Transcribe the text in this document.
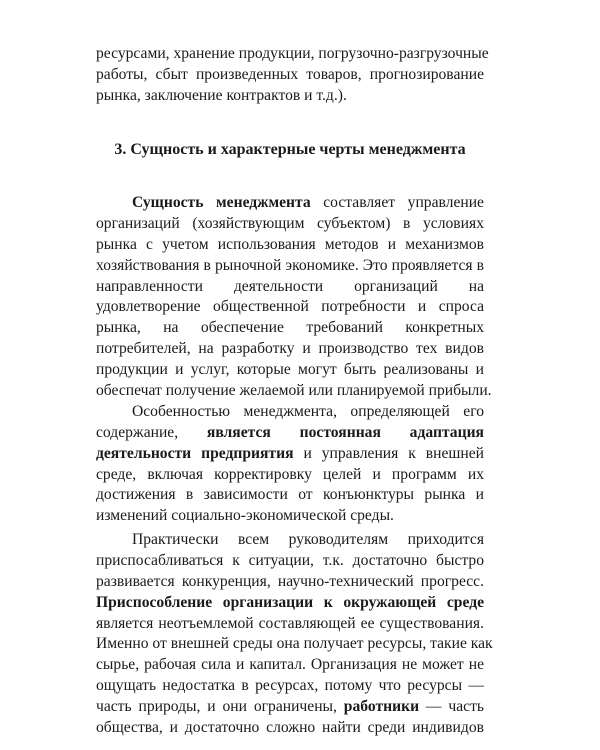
ресурсами, хранение продукции, погрузочно-разгрузочные
работы, сбыт произведенных товаров, прогнозирование
рынка, заключение контрактов и т.д.).
3. Сущность и характерные черты менеджмента
Сущность менеджмента составляет управление
организаций (хозяйствующим субъектом) в условиях
рынка с учетом использования методов и механизмов
хозяйствования в рыночной экономике. Это проявляется в
направленности деятельности организаций на
удовлетворение общественной потребности и спроса
рынка, на обеспечение требований конкретных
потребителей, на разработку и производство тех видов
продукции и услуг, которые могут быть реализованы и
обеспечат получение желаемой или планируемой прибыли.
Особенностью менеджмента, определяющей его
содержание, является постоянная адаптация
деятельности предприятия и управления к внешней
среде, включая корректировку целей и программ их
достижения в зависимости от конъюнктуры рынка и
изменений социально-экономической среды.
Практически всем руководителям приходится
приспосабливаться к ситуации, т.к. достаточно быстро
развивается конкуренция, научно-технический прогресс.
Приспособление организации к окружающей среде
является неотъемлемой составляющей ее существования.
Именно от внешней среды она получает ресурсы, такие как
сырье, рабочая сила и капитал. Организация не может не
ощущать недостатка в ресурсах, потому что ресурсы —
часть природы, и они ограничены, работники — часть
общества, и достаточно сложно найти среди индивидов
